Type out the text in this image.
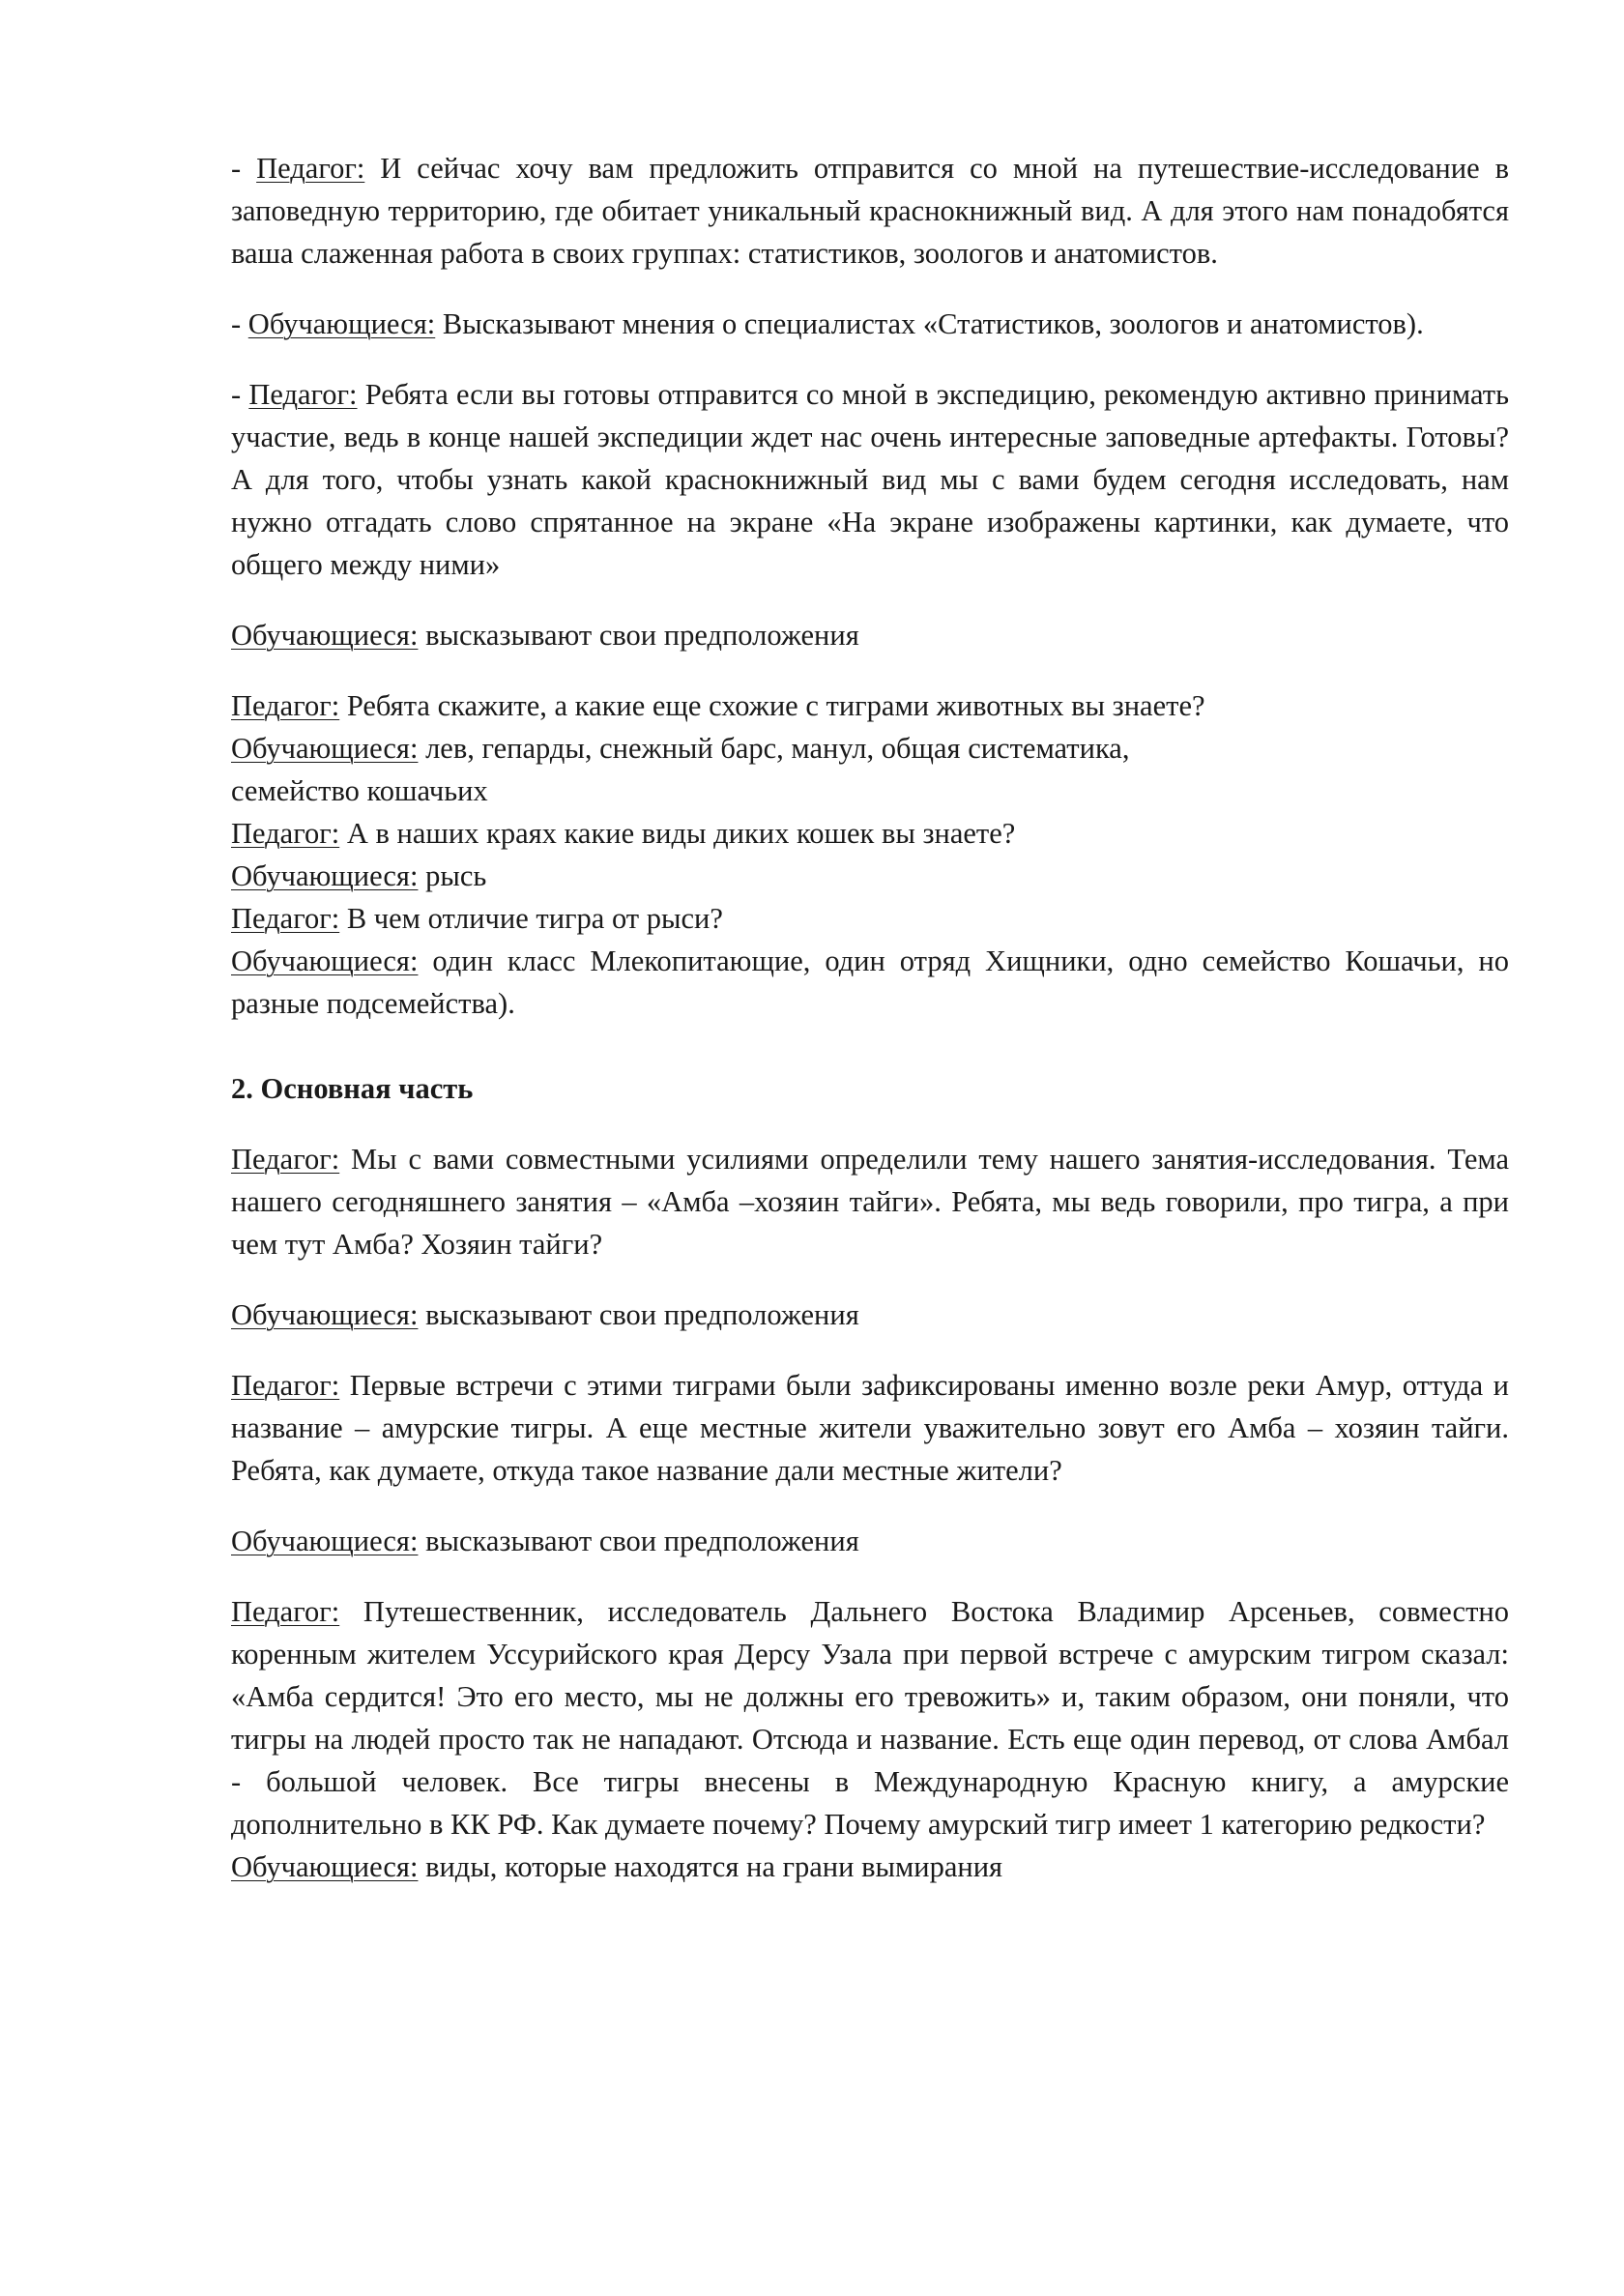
- Педагог: И сейчас хочу вам предложить отправится со мной на путешествие-исследование в заповедную территорию, где обитает уникальный краснокнижный вид. А для этого нам понадобятся ваша слаженная работа в своих группах: статистиков, зоологов и анатомистов.

- Обучающиеся: Высказывают мнения о специалистах «Статистиков, зоологов и анатомистов).

- Педагог: Ребята если вы готовы отправится со мной в экспедицию, рекомендую активно принимать участие, ведь в конце нашей экспедиции ждет нас очень интересные заповедные артефакты. Готовы? А для того, чтобы узнать какой краснокнижный вид мы с вами будем сегодня исследовать, нам нужно отгадать слово спрятанное на экране «На экране изображены картинки, как думаете, что общего между ними»

Обучающиеся: высказывают свои предположения

Педагог: Ребята скажите, а какие еще схожие с тиграми животных вы знаете?

Обучающиеся: лев, гепарды, снежный барс, манул, общая систематика,
семейство кошачьих

Педагог: А в наших краях какие виды диких кошек вы знаете?

Обучающиеся: рысь

Педагог: В чем отличие тигра от рыси?

Обучающиеся: один класс Млекопитающие, один отряд Хищники, одно семейство Кошачьи, но разные подсемейства).

2. Основная часть

Педагог: Мы с вами совместными усилиями определили тему нашего занятия-исследования. Тема нашего сегодняшнего занятия – «Амба –хозяин тайги». Ребята, мы ведь говорили, про тигра, а при чем тут Амба? Хозяин тайги?

Обучающиеся: высказывают свои предположения

Педагог: Первые встречи с этими тиграми были зафиксированы именно возле реки Амур, оттуда и название – амурские тигры. А еще местные жители уважительно зовут его Амба – хозяин тайги. Ребята, как думаете, откуда такое название дали местные жители?

Обучающиеся: высказывают свои предположения

Педагог: Путешественник, исследователь Дальнего Востока Владимир Арсеньев, совместно коренным жителем Уссурийского края Дерсу Узала при первой встрече с амурским тигром сказал: «Амба сердится! Это его место, мы не должны его тревожить» и, таким образом, они поняли, что тигры на людей просто так не нападают. Отсюда и название. Есть еще один перевод, от слова Амбал - большой человек. Все тигры внесены в Международную Красную книгу, а амурские дополнительно в КК РФ. Как думаете почему? Почему амурский тигр имеет 1 категорию редкости?

Обучающиеся: виды, которые находятся на грани вымирания
